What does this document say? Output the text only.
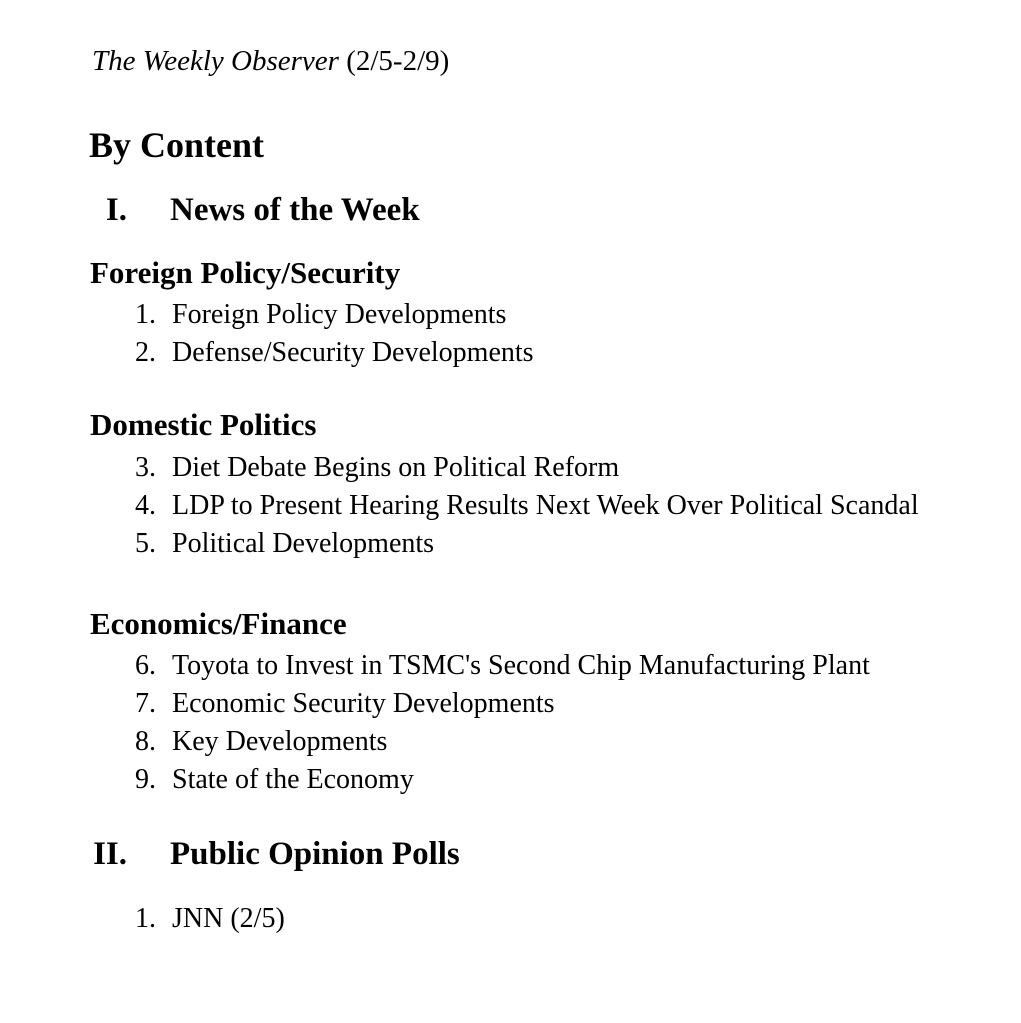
The Weekly Observer (2/5-2/9)
By Content
I. News of the Week
Foreign Policy/Security
1. Foreign Policy Developments
2. Defense/Security Developments
Domestic Politics
3. Diet Debate Begins on Political Reform
4. LDP to Present Hearing Results Next Week Over Political Scandal
5. Political Developments
Economics/Finance
6. Toyota to Invest in TSMC's Second Chip Manufacturing Plant
7. Economic Security Developments
8. Key Developments
9. State of the Economy
II. Public Opinion Polls
1. JNN (2/5)
